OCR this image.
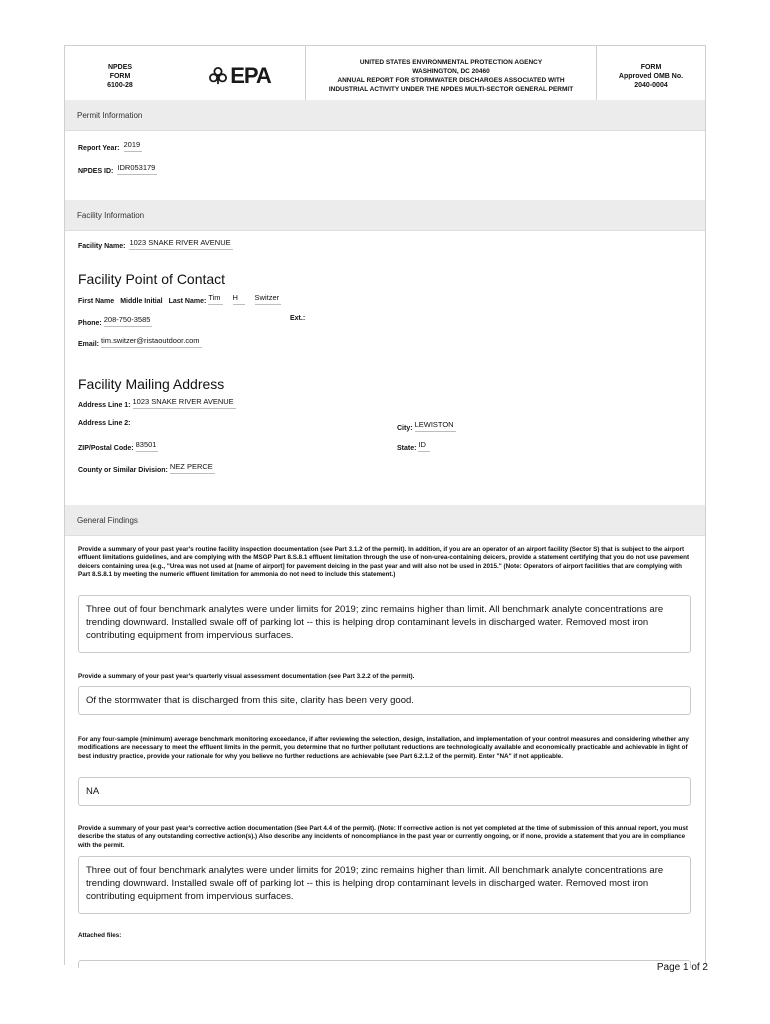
NPDES
FORM
6100-28	EPA
UNITED STATES ENVIRONMENTAL PROTECTION AGENCY
WASHINGTON, DC 20460
ANNUAL REPORT FOR STORMWATER DISCHARGES ASSOCIATED WITH
INDUSTRIAL ACTIVITY UNDER THE NPDES MULTI-SECTOR GENERAL PERMIT
FORM
Approved OMB No.
2040-0004
Permit Information
Report Year: 2019
NPDES ID: IDR053179
Facility Information
Facility Name: 1023 SNAKE RIVER AVENUE
Facility Point of Contact
First Name Middle Initial Last Name: Tim H	Switzer
Phone: 208-750-3585	Ext.:
Email: tim.switzer@ristaoutdoor.com
Facility Mailing Address
Address Line 1: 1023 SNAKE RIVER AVENUE
Address Line 2:
City: LEWISTON
ZIP/Postal Code: 83501	State: ID
County or Similar Division: NEZ PERCE
General Findings
Provide a summary of your past year's routine facility inspection documentation (see Part 3.1.2 of the permit). In addition, if you are an operator of an airport facility (Sector S) that is subject to the airport effluent limitations guidelines, and are complying with the MSGP Part 8.S.8.1 effluent limitation through the use of non-urea-containing deicers, provide a statement certifying that you do not use pavement deicers containing urea (e.g., "Urea was not used at [name of airport] for pavement deicing in the past year and will also not be used in 2015." (Note: Operators of airport facilities that are complying with Part 8.S.8.1 by meeting the numeric effluent limitation for ammonia do not need to include this statement.)
Three out of four benchmark analytes were under limits for 2019; zinc remains higher than limit. All benchmark analyte concentrations are trending downward. Installed swale off of parking lot -- this is helping drop contaminant levels in discharged water. Removed most iron contributing equipment from impervious surfaces.
Provide a summary of your past year's quarterly visual assessment documentation (see Part 3.2.2 of the permit).
Of the stormwater that is discharged from this site, clarity has been very good.
For any four-sample (minimum) average benchmark monitoring exceedance, if after reviewing the selection, design, installation, and implementation of your control measures and considering whether any modifications are necessary to meet the effluent limits in the permit, you determine that no further pollutant reductions are technologically available and economically practicable and achievable in light of best industry practice, provide your rationale for why you believe no further reductions are achievable (see Part 6.2.1.2 of the permit). Enter "NA" if not applicable.
NA
Provide a summary of your past year's corrective action documentation (See Part 4.4 of the permit). (Note: If corrective action is not yet completed at the time of submission of this annual report, you must describe the status of any outstanding corrective action(s).) Also describe any incidents of noncompliance in the past year or currently ongoing, or if none, provide a statement that you are in compliance with the permit.
Three out of four benchmark analytes were under limits for 2019; zinc remains higher than limit. All benchmark analyte concentrations are trending downward. Installed swale off of parking lot -- this is helping drop contaminant levels in discharged water. Removed most iron contributing equipment from impervious surfaces.
Attached files:
Page 1 of 2
